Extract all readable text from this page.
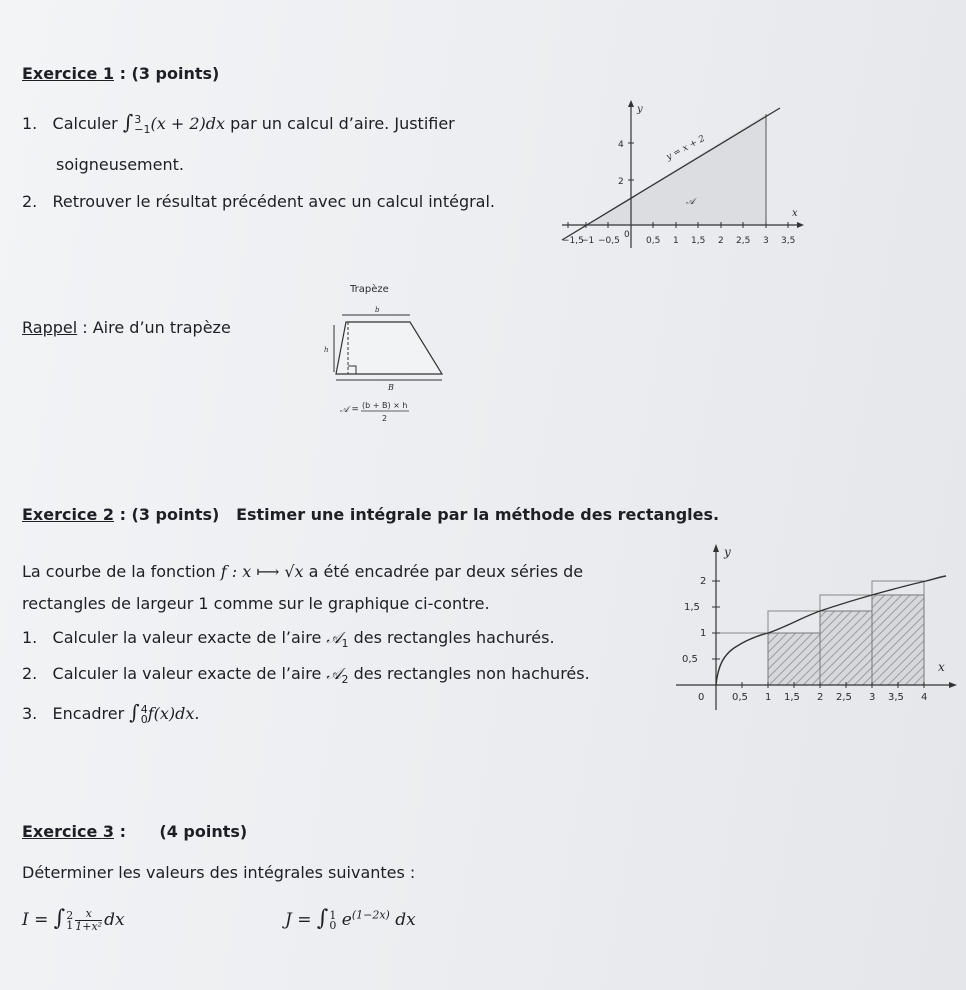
Exercice 1 : (3 points)
1. Calculer ∫ 3
−1 (x + 2)dx par un calcul d’aire. Justifier
soigneusement.
2. Retrouver le résultat précédent avec un calcul intégral.
−1,5
−1 −0,5
0
0,5 1 1,5 2 2,5 3 3,5
2
4
y
x
y = x + 2
𝒜
Rappel : Aire d’un trapèze
Trapèze
b
h
B
𝒜 = (b + B) × h
2
Exercice 2 : (3 points) Estimer une intégrale par la méthode des rectangles.
La courbe de la fonction f : x ⟼ √x a été encadrée par deux séries de
rectangles de largeur 1 comme sur le graphique ci-contre.
1. Calculer la valeur exacte de l’aire 𝒜$_1$ des rectangles hachurés.
2. Calculer la valeur exacte de l’aire 𝒜$_2$ des rectangles non hachurés.
3. Encadrer ∫ 4
0 f(x)dx.
0	0,5 1 1,5 2 2,5 3 3,5 4
0,5
1
1,5
2
y
x
Exercice 3 :      (4 points)
Déterminer les valeurs des intégrales suivantes :
I = ∫ 2
$1 \frac{x}{\text{1+x²}}$ dx	J = ∫ 1
0 $e^{(1-2x)}$ dx
